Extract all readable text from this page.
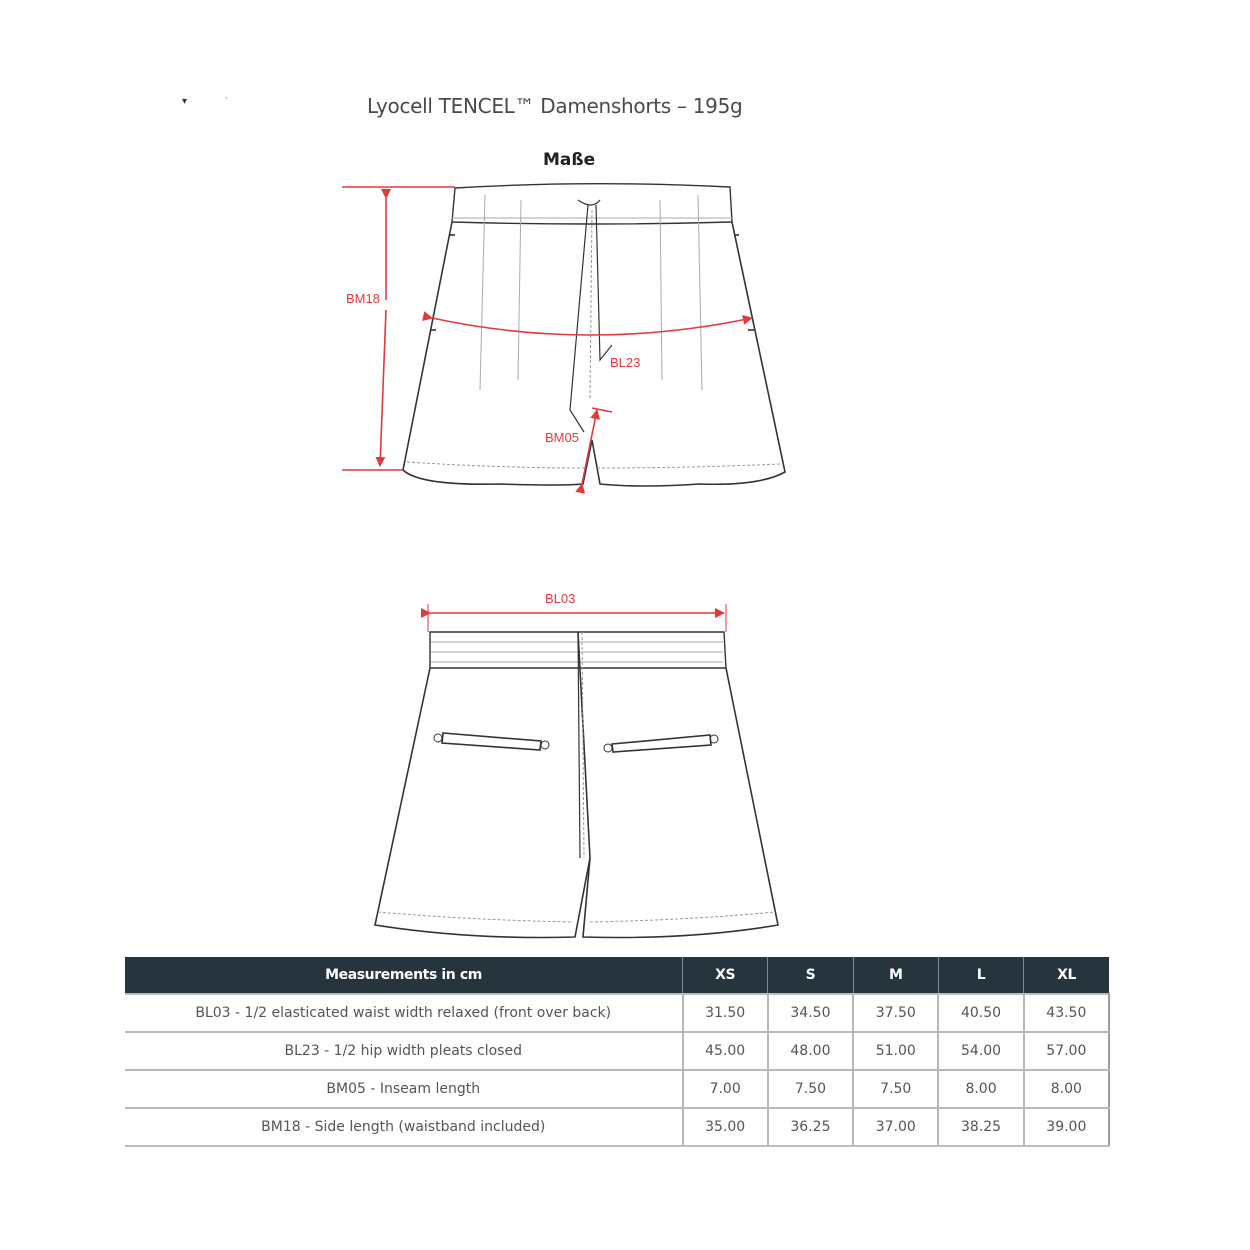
▾	·	Lyocell TENCEL™ Damenshorts – 195g
Maße
BM18
BL23
BM05
BL03
Measurements in cm	XS	S	M	L	XL
BL03 - 1/2 elasticated waist width relaxed (front over back)	31.50	34.50	37.50	40.50	43.50
BL23 - 1/2 hip width pleats closed	45.00	48.00	51.00	54.00	57.00
BM05 - Inseam length	7.00	7.50	7.50	8.00	8.00
BM18 - Side length (waistband included)	35.00	36.25	37.00	38.25	39.00
